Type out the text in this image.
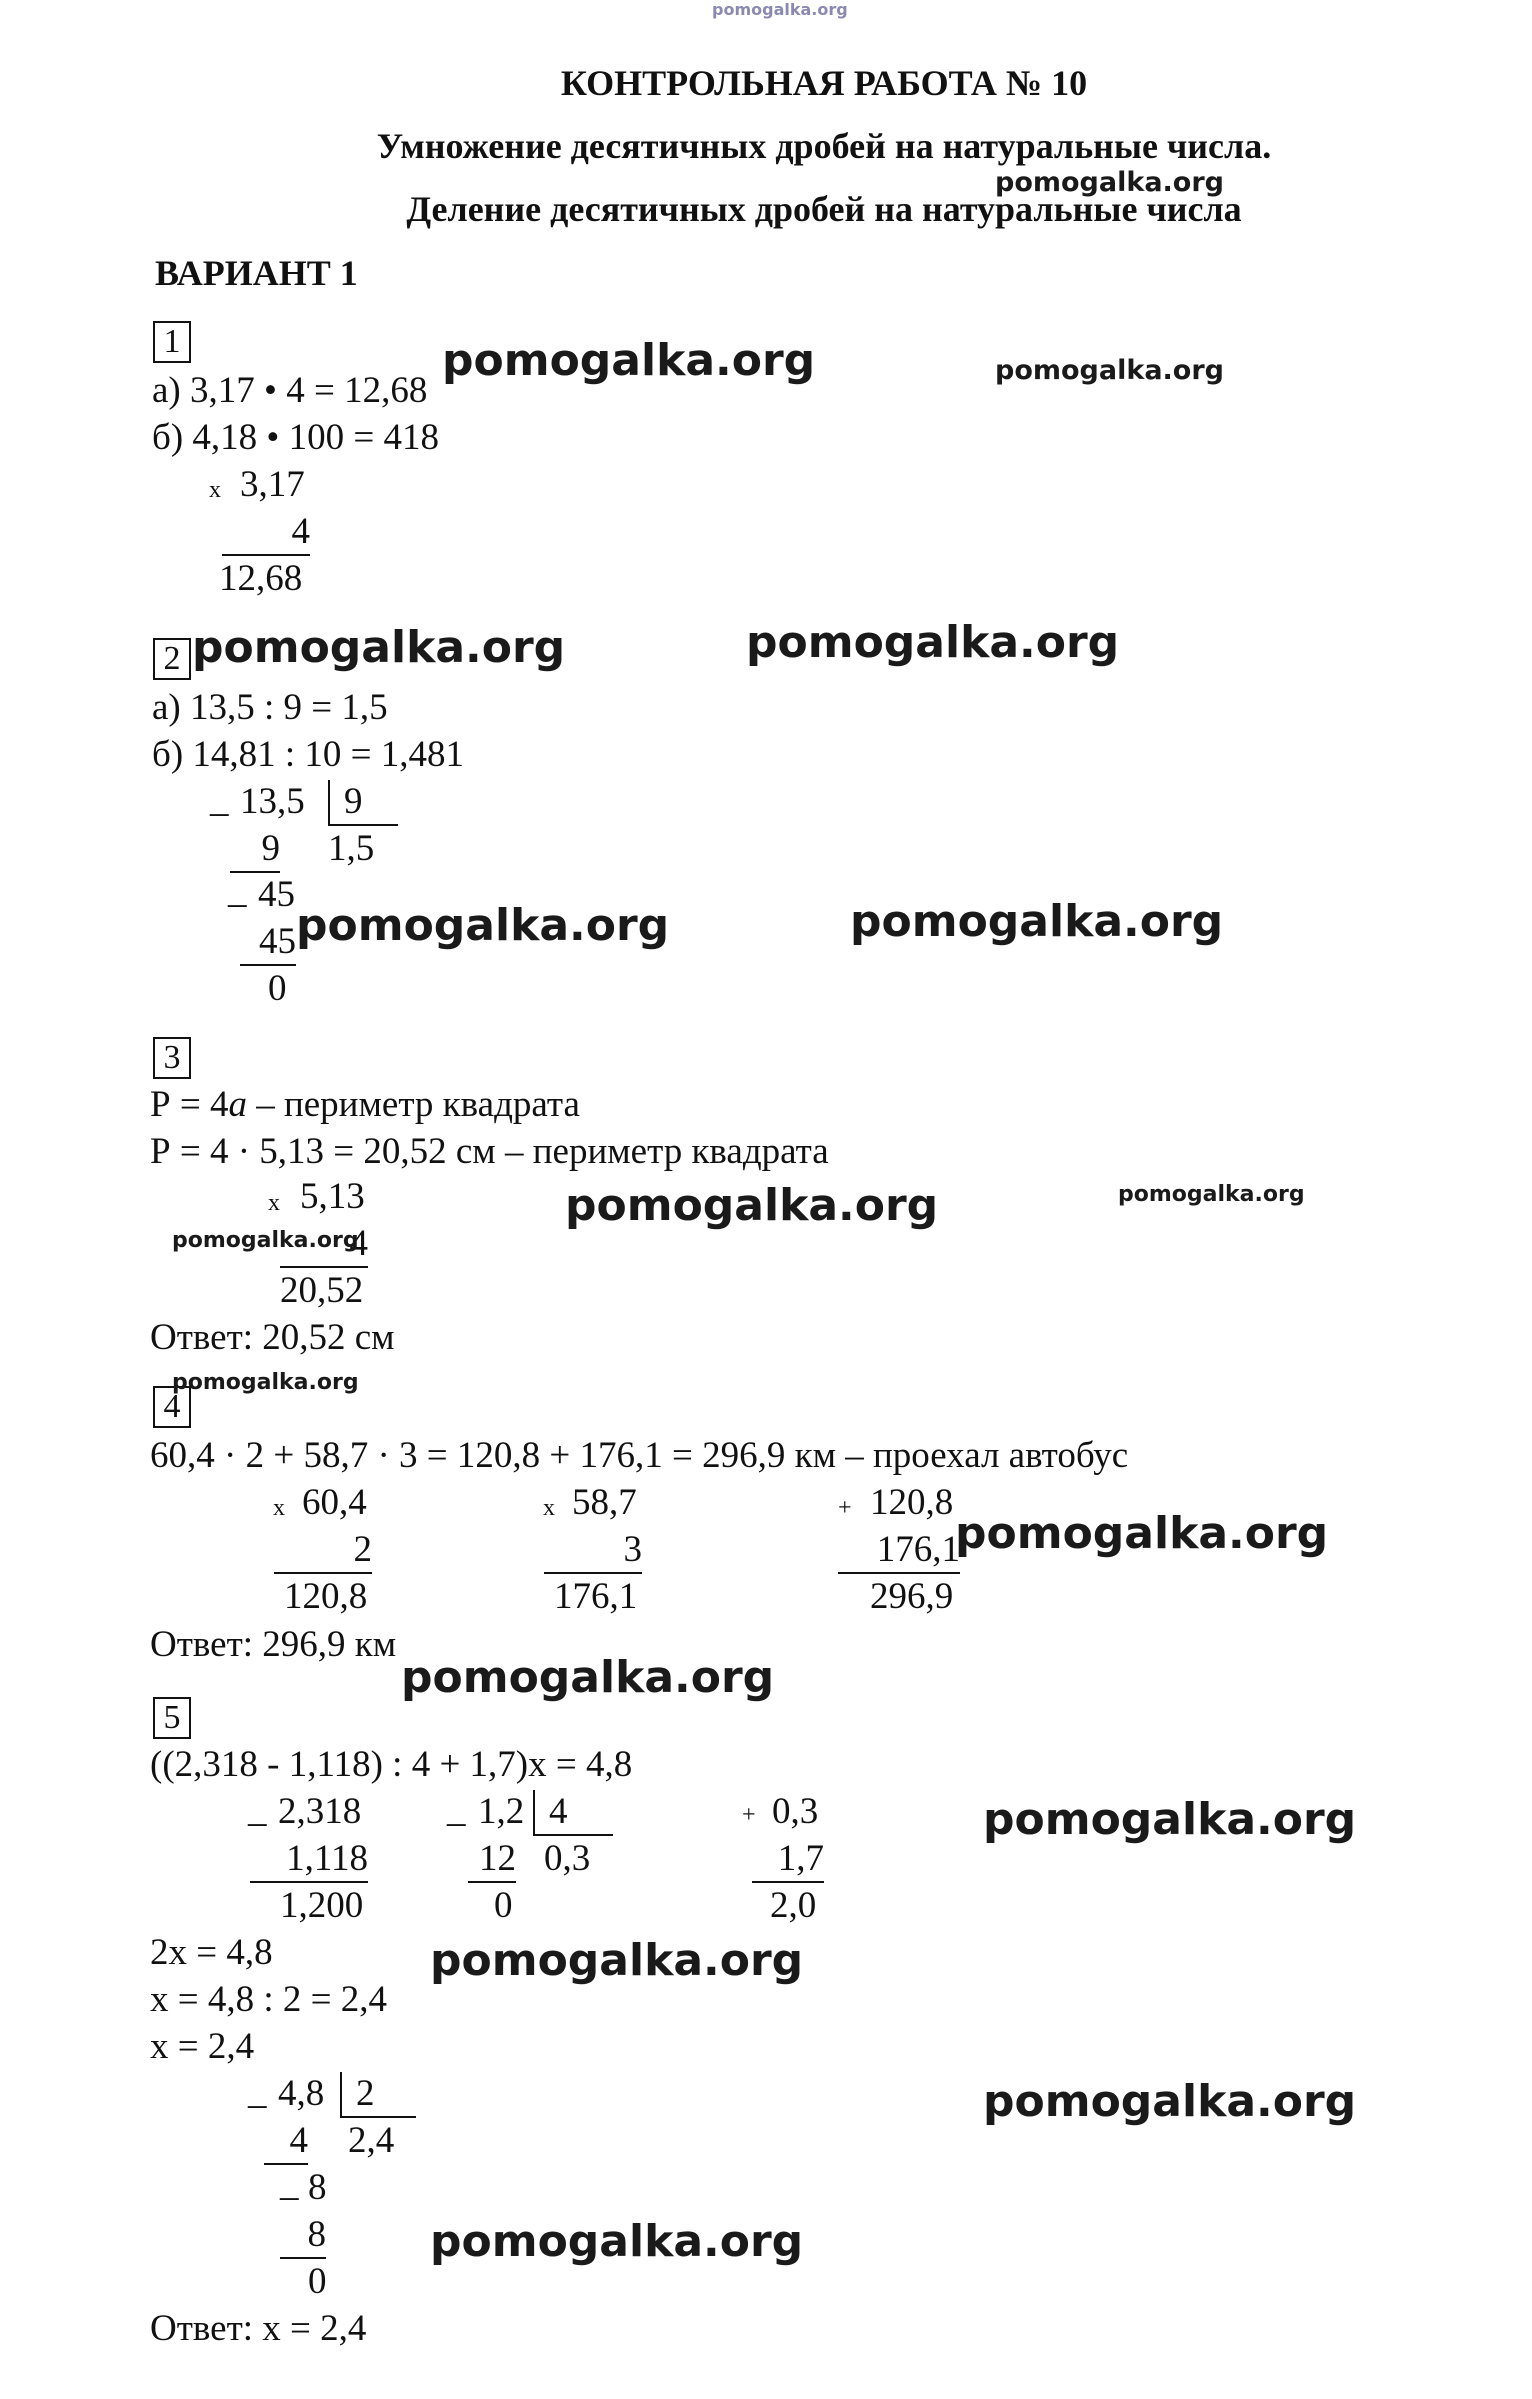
pomogalka.org
КОНТРОЛЬНАЯ РАБОТА № 10
Умножение десятичных дробей на натуральные числа.
Деление десятичных дробей на натуральные числа
pomogalka.org
ВАРИАНТ 1
1
а) 3,17 • 4 = 12,68
б) 4,18 • 100 = 418
х 3,17
4
12,68
pomogalka.org	pomogalka.org
2 pomogalka.org	pomogalka.org
а) 13,5 : 9 = 1,5
б) 14,81 : 10 = 1,481
_ 13,5	9
9 1,5
_ 45
45
0
pomogalka.org	pomogalka.org
3
Р = 4а – периметр квадрата
Р = 4 · 5,13 = 20,52 см – периметр квадрата
х 5,13
4
20,52
Ответ: 20,52 см
pomogalka.org
pomogalka.org	pomogalka.org
4
pomogalka.org
60,4 · 2 + 58,7 · 3 = 120,8 + 176,1 = 296,9 км – проехал автобус
х 60,4
2
120,8
х 58,7
3
176,1
+ 120,8
176,1
296,9
pomogalka.org
Ответ: 296,9 км
pomogalka.org
5
((2,318 - 1,118) : 4 + 1,7)х = 4,8
_ 2,318
1,118
1,200
_ 1,2 4
12 0,3
0
+ 0,3
1,7
2,0
pomogalka.org
2х = 4,8	pomogalka.org
х = 4,8 : 2 = 2,4
х = 2,4
_ 4,8 2
4 2,4
_ 8
8
0
pomogalka.org
pomogalka.org
Ответ: х = 2,4
